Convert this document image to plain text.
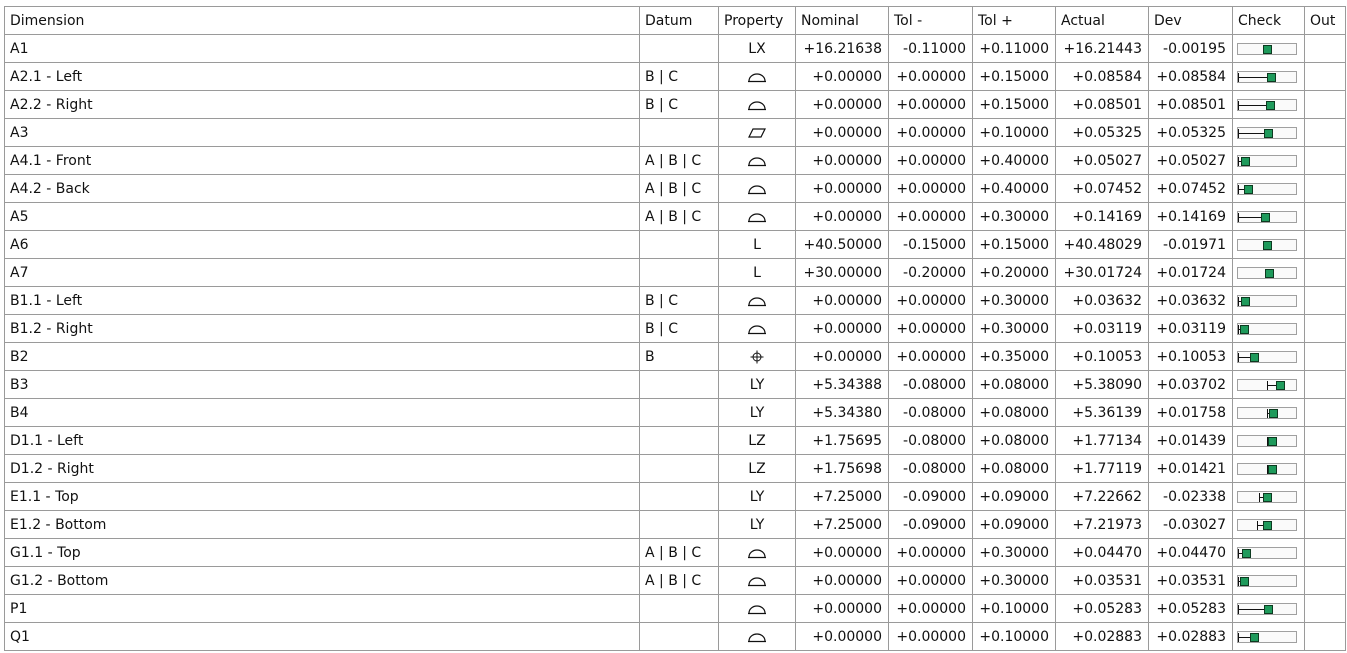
Dimension	Datum	Property	Nominal	Tol -	Tol +	Actual	Dev	Check	Out
A1		LX	+16.21638	-0.11000	+0.11000	+16.21443	-0.00195	

A2.1 - Left	B | C		+0.00000	+0.00000	+0.15000	+0.08584	+0.08584	

A2.2 - Right	B | C		+0.00000	+0.00000	+0.15000	+0.08501	+0.08501	

A3			+0.00000	+0.00000	+0.10000	+0.05325	+0.05325	

A4.1 - Front	A | B | C		+0.00000	+0.00000	+0.40000	+0.05027	+0.05027	

A4.2 - Back	A | B | C		+0.00000	+0.00000	+0.40000	+0.07452	+0.07452	

A5	A | B | C		+0.00000	+0.00000	+0.30000	+0.14169	+0.14169	

A6		L	+40.50000	-0.15000	+0.15000	+40.48029	-0.01971	

A7		L	+30.00000	-0.20000	+0.20000	+30.01724	+0.01724	

B1.1 - Left	B | C		+0.00000	+0.00000	+0.30000	+0.03632	+0.03632	

B1.2 - Right	B | C		+0.00000	+0.00000	+0.30000	+0.03119	+0.03119	

B2	B		+0.00000	+0.00000	+0.35000	+0.10053	+0.10053	

B3		LY	+5.34388	-0.08000	+0.08000	+5.38090	+0.03702	

B4		LY	+5.34380	-0.08000	+0.08000	+5.36139	+0.01758	

D1.1 - Left		LZ	+1.75695	-0.08000	+0.08000	+1.77134	+0.01439	

D1.2 - Right		LZ	+1.75698	-0.08000	+0.08000	+1.77119	+0.01421	

E1.1 - Top		LY	+7.25000	-0.09000	+0.09000	+7.22662	-0.02338	

E1.2 - Bottom		LY	+7.25000	-0.09000	+0.09000	+7.21973	-0.03027	

G1.1 - Top	A | B | C		+0.00000	+0.00000	+0.30000	+0.04470	+0.04470	

G1.2 - Bottom	A | B | C		+0.00000	+0.00000	+0.30000	+0.03531	+0.03531	

P1			+0.00000	+0.00000	+0.10000	+0.05283	+0.05283	

Q1			+0.00000	+0.00000	+0.10000	+0.02883	+0.02883	
